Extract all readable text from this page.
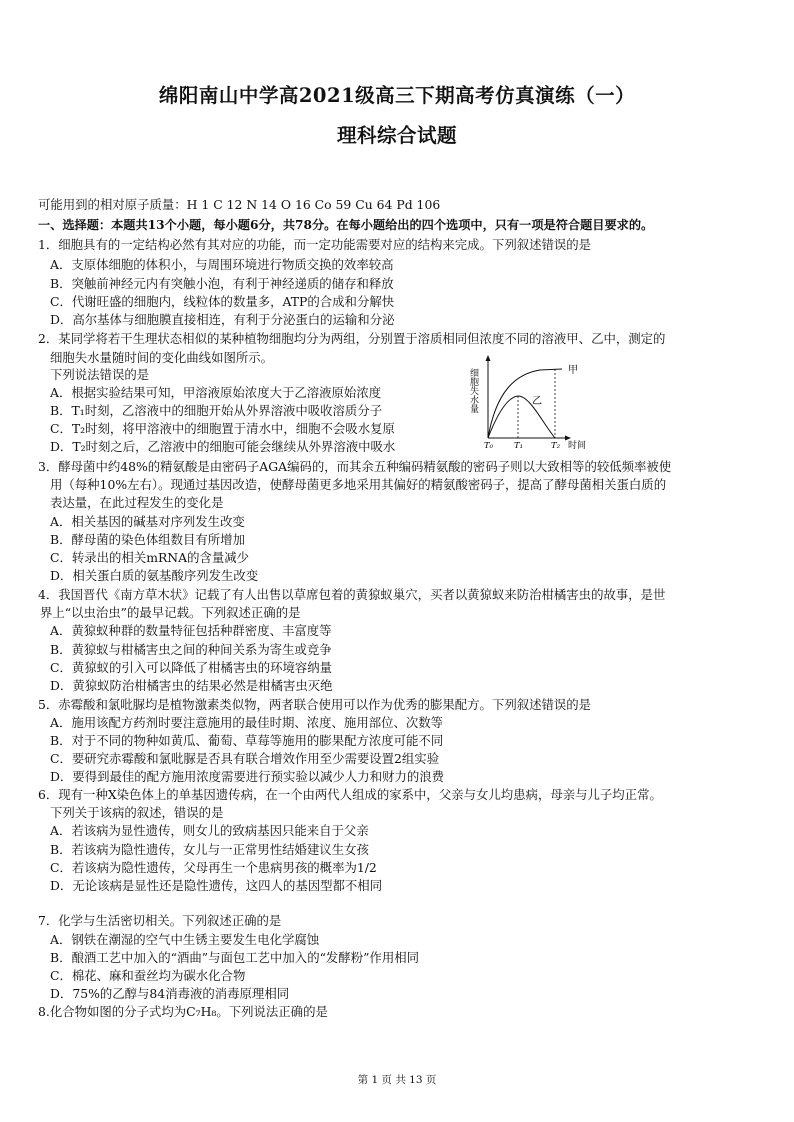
绵阳南山中学高2021级高三下期高考仿真演练（一）
理科综合试题
可能用到的相对原子质量：H 1 C 12 N 14 O 16 Co 59 Cu 64 Pd 106
一、选择题：本题共13个小题，每小题6分，共78分。在每小题给出的四个选项中，只有一项是符合题目要求的。
1．细胞具有的一定结构必然有其对应的功能，而一定功能需要对应的结构来完成。下列叙述错误的是
A．支原体细胞的体积小，与周围环境进行物质交换的效率较高
B．突触前神经元内有突触小泡，有利于神经递质的储存和释放
C．代谢旺盛的细胞内，线粒体的数量多，ATP的合成和分解快
D．高尔基体与细胞膜直接相连，有利于分泌蛋白的运输和分泌
2．某同学将若干生理状态相似的某种植物细胞均分为两组，分别置于溶质相同但浓度不同的溶液甲、乙中，测定的
细胞失水量随时间的变化曲线如图所示。
下列说法错误的是
A．根据实验结果可知，甲溶液原始浓度大于乙溶液原始浓度
B．T₁时刻，乙溶液中的细胞开始从外界溶液中吸收溶质分子
C．T₂时刻，将甲溶液中的细胞置于清水中，细胞不会吸水复原
D．T₂时刻之后，乙溶液中的细胞可能会继续从外界溶液中吸水
细胞失水量
时间
甲
乙
T₀ T₁	T₂
3．酵母菌中约48%的精氨酸是由密码子AGA编码的，而其余五种编码精氨酸的密码子则以大致相等的较低频率被使
用（每种10%左右）。现通过基因改造，使酵母菌更多地采用其偏好的精氨酸密码子，提高了酵母菌相关蛋白质的
表达量，在此过程发生的变化是
A．相关基因的碱基对序列发生改变
B．酵母菌的染色体组数目有所增加
C．转录出的相关mRNA的含量减少
D．相关蛋白质的氨基酸序列发生改变
4．我国晋代《南方草木状》记载了有人出售以草席包着的黄猄蚁巢穴，买者以黄猄蚁来防治柑橘害虫的故事，是世
界上“以虫治虫”的最早记载。下列叙述正确的是
A．黄猄蚁种群的数量特征包括种群密度、丰富度等
B．黄猄蚁与柑橘害虫之间的种间关系为寄生或竞争
C．黄猄蚁的引入可以降低了柑橘害虫的环境容纳量
D．黄猄蚁防治柑橘害虫的结果必然是柑橘害虫灭绝
5．赤霉酸和氯吡脲均是植物激素类似物，两者联合使用可以作为优秀的膨果配方。下列叙述错误的是
A．施用该配方药剂时要注意施用的最佳时期、浓度、施用部位、次数等
B．对于不同的物种如黄瓜、葡萄、草莓等施用的膨果配方浓度可能不同
C．要研究赤霉酸和氯吡脲是否具有联合增效作用至少需要设置2组实验
D．要得到最佳的配方施用浓度需要进行预实验以减少人力和财力的浪费
6．现有一种X染色体上的单基因遗传病，在一个由两代人组成的家系中，父亲与女儿均患病，母亲与儿子均正常。
下列关于该病的叙述，错误的是
A．若该病为显性遗传，则女儿的致病基因只能来自于父亲
B．若该病为隐性遗传，女儿与一正常男性结婚建议生女孩
C．若该病为隐性遗传，父母再生一个患病男孩的概率为1/2
D．无论该病是显性还是隐性遗传，这四人的基因型都不相同
7．化学与生活密切相关。下列叙述正确的是
A．钢铁在潮湿的空气中生锈主要发生电化学腐蚀
B．酿酒工艺中加入的“酒曲”与面包工艺中加入的“发酵粉”作用相同
C．棉花、麻和蚕丝均为碳水化合物
D．75%的乙醇与84消毒液的消毒原理相同
8.化合物如图的分子式均为C₇H₈。下列说法正确的是
第 1 页 共 13 页
